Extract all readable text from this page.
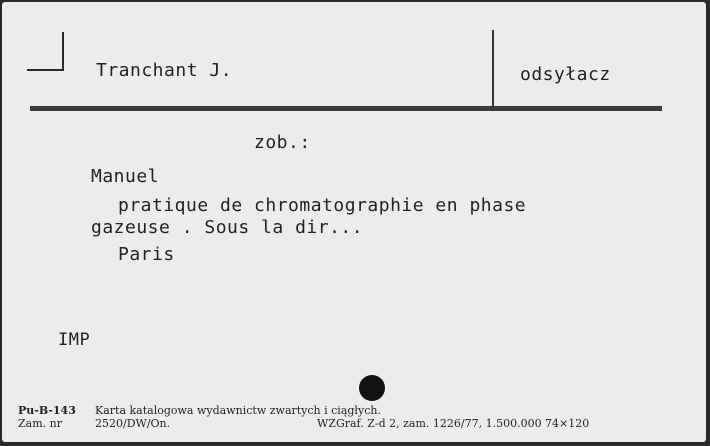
Tranchant J.	odsyłacz
zob.:
Manuel
pratique de chromatographie en phase
gazeuse . Sous la dir...
Paris
IMP
Pu-B-143 Karta katalogowa wydawnictw zwartych i ciągłych.
Zam. nr	2520/DW/On.	WZGraf. Z-d 2, zam. 1226/77, 1.500.000 74×120
